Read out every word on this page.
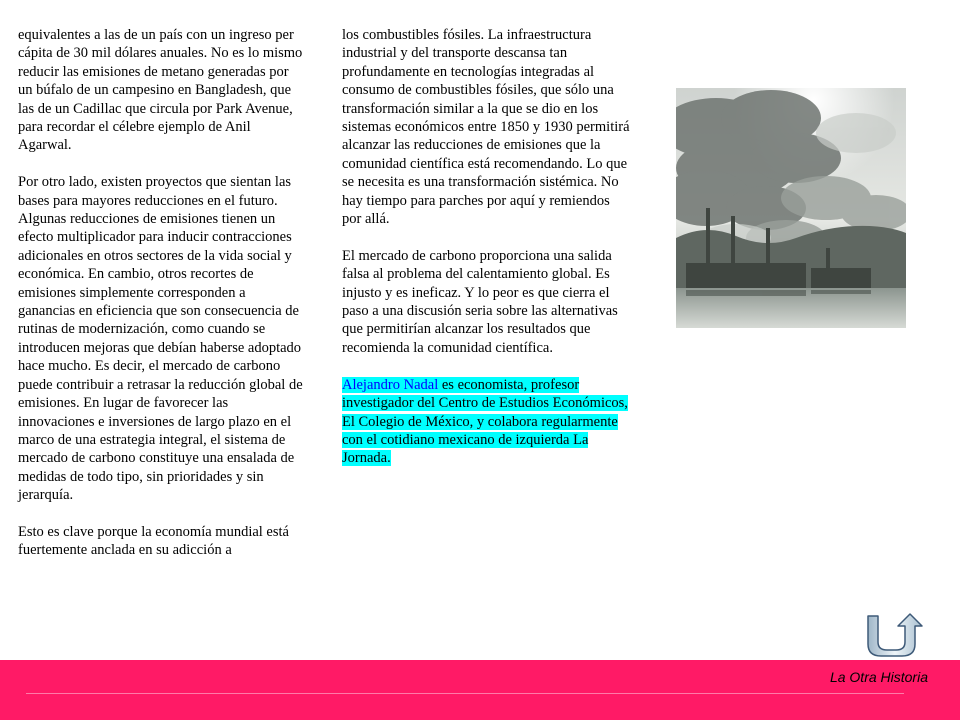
equivalentes a las de un país con un ingreso per cápita de 30 mil dólares anuales. No es lo mismo reducir las emisiones de metano generadas por un búfalo de un campesino en Bangladesh, que las de un Cadillac que circula por Park Avenue, para recordar el célebre ejemplo de Anil Agarwal.

Por otro lado, existen proyectos que sientan las bases para mayores reducciones en el futuro. Algunas reducciones de emisiones tienen un efecto multiplicador para inducir contracciones adicionales en otros sectores de la vida social y económica. En cambio, otros recortes de emisiones simplemente corresponden a ganancias en eficiencia que son consecuencia de rutinas de modernización, como cuando se introducen mejoras que debían haberse adoptado hace mucho. Es decir, el mercado de carbono puede contribuir a retrasar la reducción global de emisiones. En lugar de favorecer las innovaciones e inversiones de largo plazo en el marco de una estrategia integral, el sistema de mercado de carbono constituye una ensalada de medidas de todo tipo, sin prioridades y sin jerarquía.

Esto es clave porque la economía mundial está fuertemente anclada en su adicción a

los combustibles fósiles. La infraestructura industrial y del transporte descansa tan profundamente en tecnologías integradas al consumo de combustibles fósiles, que sólo una transformación similar a la que se dio en los sistemas económicos entre 1850 y 1930 permitirá alcanzar las reducciones de emisiones que la comunidad científica está recomendando. Lo que se necesita es una transformación sistémica. No hay tiempo para parches por aquí y remiendos por allá.

El mercado de carbono proporciona una salida falsa al problema del calentamiento global. Es injusto y es ineficaz. Y lo peor es que cierra el paso a una discusión seria sobre las alternativas que permitirían alcanzar los resultados que recomienda la comunidad científica.

Alejandro Nadal es economista, profesor investigador del Centro de Estudios Económicos, El Colegio de México, y colabora regularmente con el cotidiano mexicano de izquierda La Jornada.

La Otra Historia
